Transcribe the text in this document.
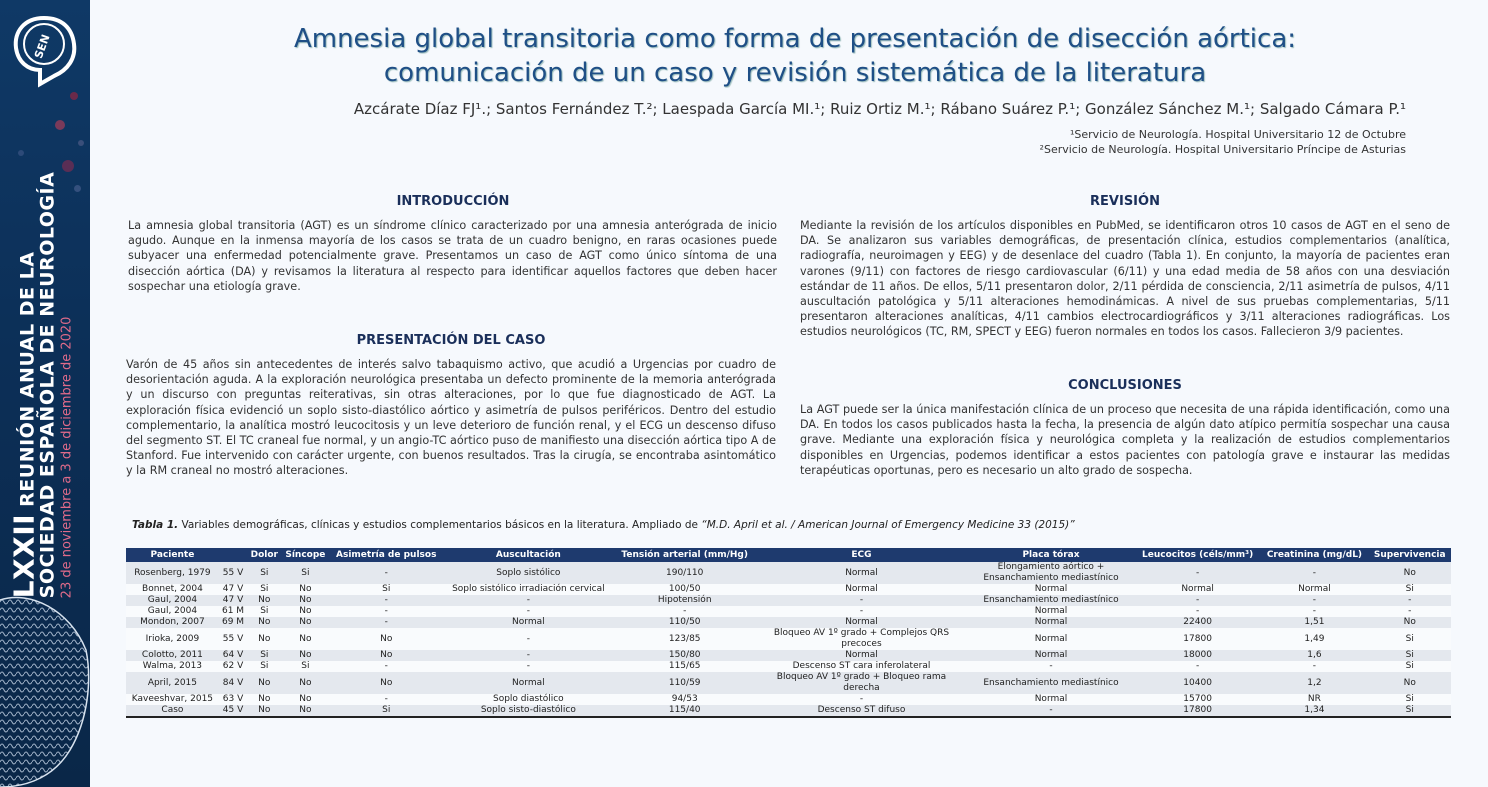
SEN
LXXII REUNIÓN ANUAL DE LA
SOCIEDAD ESPAÑOLA DE NEUROLOGÍA 23 de noviembre a 3 de diciembre de 2020
Amnesia global transitoria como forma de presentación de disección aórtica:
comunicación de un caso y revisión sistemática de la literatura
Azcárate Díaz FJ¹.; Santos Fernández T.²; Laespada García MI.¹; Ruiz Ortiz M.¹; Rábano Suárez P.¹; González Sánchez M.¹; Salgado Cámara P.¹
¹Servicio de Neurología. Hospital Universitario 12 de Octubre
²Servicio de Neurología. Hospital Universitario Príncipe de Asturias
INTRODUCCIÓN
La amnesia global transitoria (AGT) es un síndrome clínico caracterizado por una amnesia anterógrada de inicio agudo. Aunque en la inmensa mayoría de los casos se trata de un cuadro benigno, en raras ocasiones puede subyacer una enfermedad potencialmente grave. Presentamos un caso de AGT como único síntoma de una disección aórtica (DA) y revisamos la literatura al respecto para identificar aquellos factores que deben hacer sospechar una etiología grave.
PRESENTACIÓN DEL CASO
Varón de 45 años sin antecedentes de interés salvo tabaquismo activo, que acudió a Urgencias por cuadro de desorientación aguda. A la exploración neurológica presentaba un defecto prominente de la memoria anterógrada y un discurso con preguntas reiterativas, sin otras alteraciones, por lo que fue diagnosticado de AGT. La exploración física evidenció un soplo sisto-diastólico aórtico y asimetría de pulsos periféricos. Dentro del estudio complementario, la analítica mostró leucocitosis y un leve deterioro de función renal, y el ECG un descenso difuso del segmento ST. El TC craneal fue normal, y un angio-TC aórtico puso de manifiesto una disección aórtica tipo A de Stanford. Fue intervenido con carácter urgente, con buenos resultados. Tras la cirugía, se encontraba asintomático y la RM craneal no mostró alteraciones.
REVISIÓN
Mediante la revisión de los artículos disponibles en PubMed, se identificaron otros 10 casos de AGT en el seno de DA. Se analizaron sus variables demográficas, de presentación clínica, estudios complementarios (analítica, radiografía, neuroimagen y EEG) y de desenlace del cuadro (Tabla 1). En conjunto, la mayoría de pacientes eran varones (9/11) con factores de riesgo cardiovascular (6/11) y una edad media de 58 años con una desviación estándar de 11 años. De ellos, 5/11 presentaron dolor, 2/11 pérdida de consciencia, 2/11 asimetría de pulsos, 4/11 auscultación patológica y 5/11 alteraciones hemodinámicas. A nivel de sus pruebas complementarias, 5/11 presentaron alteraciones analíticas, 4/11 cambios electrocardiográficos y 3/11 alteraciones radiográficas. Los estudios neurológicos (TC, RM, SPECT y EEG) fueron normales en todos los casos. Fallecieron 3/9 pacientes.
CONCLUSIONES
La AGT puede ser la única manifestación clínica de un proceso que necesita de una rápida identificación, como una DA. En todos los casos publicados hasta la fecha, la presencia de algún dato atípico permitía sospechar una causa grave. Mediante una exploración física y neurológica completa y la realización de estudios complementarios disponibles en Urgencias, podemos identificar a estos pacientes con patología grave e instaurar las medidas terapéuticas oportunas, pero es necesario un alto grado de sospecha.
Tabla 1. Variables demográficas, clínicas y estudios complementarios básicos en la literatura. Ampliado de “M.D. April et al. / American Journal of Emergency Medicine 33 (2015)”
Paciente		Dolor	Síncope	Asimetría de pulsos	Auscultación	Tensión arterial (mm/Hg)	ECG	Placa tórax	Leucocitos (céls/mm³)	Creatinina (mg/dL)	Supervivencia
Rosenberg, 1979	55 V	Si	Si	-	Soplo sistólico	190/110	Normal	Elongamiento aórtico + Ensanchamiento mediastínico	-	-	No
Bonnet, 2004	47 V	Si	No	Si	Soplo sistólico irradiación cervical	100/50	Normal	Normal	Normal	Normal	Si
Gaul, 2004	47 V	No	No	-	-	Hipotensión	-	Ensanchamiento mediastínico	-	-	-
Gaul, 2004	61 M	Si	No	-	-	-	-	Normal	-	-	-
Mondon, 2007	69 M	No	No	-	Normal	110/50	Normal	Normal	22400	1,51	No
Irioka, 2009	55 V	No	No	No	-	123/85	Bloqueo AV 1º grado + Complejos QRS precoces	Normal	17800	1,49	Si
Colotto, 2011	64 V	Si	No	No	-	150/80	Normal	Normal	18000	1,6	Si
Walma, 2013	62 V	Si	Si	-	-	115/65	Descenso ST cara inferolateral	-	-	-	Si
April, 2015	84 V	No	No	No	Normal	110/59	Bloqueo AV 1º grado + Bloqueo rama derecha	Ensanchamiento mediastínico	10400	1,2	No
Kaveeshvar, 2015	63 V	No	No	-	Soplo diastólico	94/53	-	Normal	15700	NR	Si
Caso	45 V	No	No	Si	Soplo sisto-diastólico	115/40	Descenso ST difuso	-	17800	1,34	Si
